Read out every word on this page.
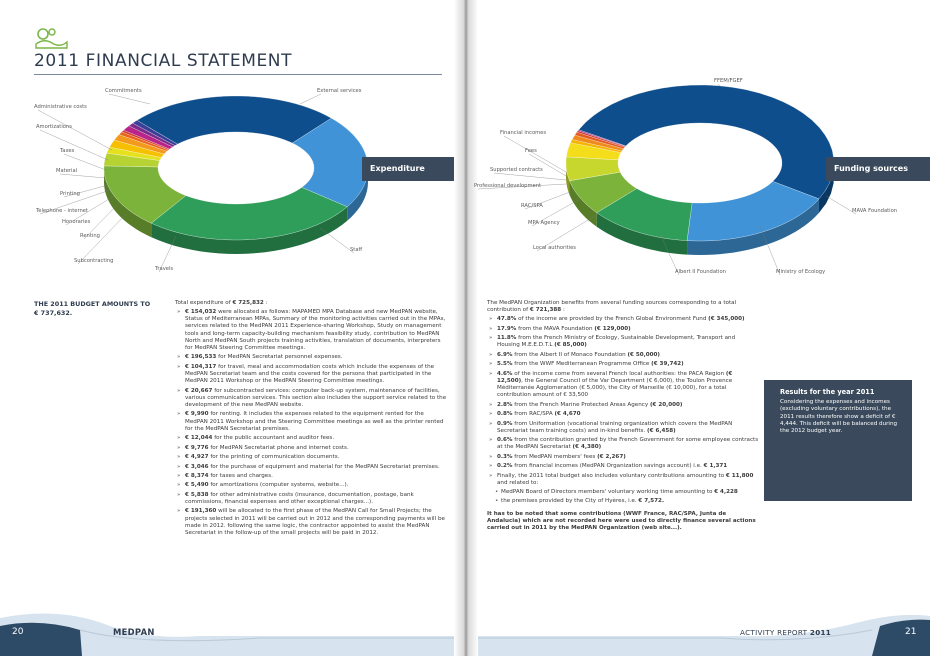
2011 FINANCIAL STATEMENT
Commitments	External services
Administrative costs
Amortizations
Taxes
Material
Printing
Telephone - internet
Honoraries
Renting
Subcontracting
Travels
Staff
FFEM/FGEF
Financial incomes
Fees
Supported contracts
Professional development
RAC/SPA
MPA Agency
Local authorities
Albert II Foundation	Ministry of Ecology
MAVA Foundation
Expenditure	Funding sources
THE 2011 BUDGET AMOUNTS TO € 737,632.
Total expenditure of € 725,832 :
» € 154,032 were allocated as follows: MAPAMED MPA Database and new MedPAN website, Status of Mediterranean MPAs, Summary of the monitoring activities carried out in the MPAs, services related to the MedPAN 2011 Experience-sharing Workshop, Study on management tools and long-term capacity-building mechanism feasibility study, contribution to MedPAN North and MedPAN South projects training activities, translation of documents, interpreters for MedPAN Steering Committee meetings.
» € 196,533 for MedPAN Secretariat personnel expenses.
» € 104,317 for travel, meal and accommodation costs which include the expenses of the MedPAN Secretariat team and the costs covered for the persons that participated in the MedPAN 2011 Workshop or the MedPAN Steering Committee meetings.
» € 20,667 for subcontracted services: computer back-up system, maintenance of facilities, various communication services. This section also includes the support service related to the development of the new MedPAN website.
» € 9,990 for renting. It includes the expenses related to the equipment rented for the MedPAN 2011 Workshop and the Steering Committee meetings as well as the printer rented for the MedPAN Secretariat premises.
» € 12,044 for the public accountant and auditor fees.
» € 9,776 for MedPAN Secretariat phone and internet costs.
» € 4,927 for the printing of communication documents.
» € 3,046 for the purchase of equipment and material for the MedPAN Secretariat premises.
» € 8,374 for taxes and charges.
» € 5,490 for amortizations (computer systems, website...).
» € 5,838 for other administrative costs (insurance, documentation, postage, bank commissions, financial expenses and other exceptional charges...).
» € 191,360 will be allocated to the first phase of the MedPAN Call for Small Projects; the projects selected in 2011 will be carried out in 2012 and the corresponding payments will be made in 2012. following the same logic, the contractor appointed to assist the MedPAN Secretariat in the follow-up of the small projects will be paid in 2012.
The MedPAN Organization benefits from several funding sources corresponding to a total contribution of € 721,388 :
» 47.8% of the income are provided by the French Global Environment Fund (€ 345,000)
» 17.9% from the MAVA Foundation (€ 129,000)
» 11.8% from the French Ministry of Ecology, Sustainable Development, Transport and Housing M.E.E.D.T.L (€ 85,000)
» 6.9% from the Albert II of Monaco Foundation (€ 50,000)
» 5.5% from the WWF Mediterranean Programme Office (€ 39,742)
» 4.6% of the income come from several French local authorities: the PACA Region (€ 12,500), the General Council of the Var Department (€ 6,000), the Toulon Provence Méditerranée Agglomeration (€ 5,000), the City of Marseille (€ 10,000), for a total contribution amount of € 33,500
» 2.8% from the French Marine Protected Areas Agency (€ 20,000)
» 0.8% from RAC/SPA (€ 4,670
» 0.9% from Uniformation (vocational training organization which covers the MedPAN Secretariat team training costs) and in-kind benefits. (€ 6,458)
» 0.6% from the contribution granted by the French Government for some employee contracts at the MedPAN Secretariat (€ 4,380)
» 0.3% from MedPAN members' fees (€ 2,267)
» 0.2% from financial incomes (MedPAN Organization savings account) i.e. € 1,371
» Finally, the 2011 total budget also includes voluntary contributions amounting to € 11,800 and related to:
• MedPAN Board of Directors members' voluntary working time amounting to € 4,228
• the premises provided by the City of Hyères, i.e. € 7,572.
It has to be noted that some contributions (WWF France, RAC/SPA, Junta de Andalucia) which are not recorded here were used to directly finance several actions carried out in 2011 by the MedPAN Organization (web site...).
Results for the year 2011
Considering the expenses and incomes (excluding voluntary contributions), the 2011 results therefore show a deficit of € 4,444. This deficit will be balanced during the 2012 budget year.
20	MEDPAN	ACTIVITY REPORT 2011	21
